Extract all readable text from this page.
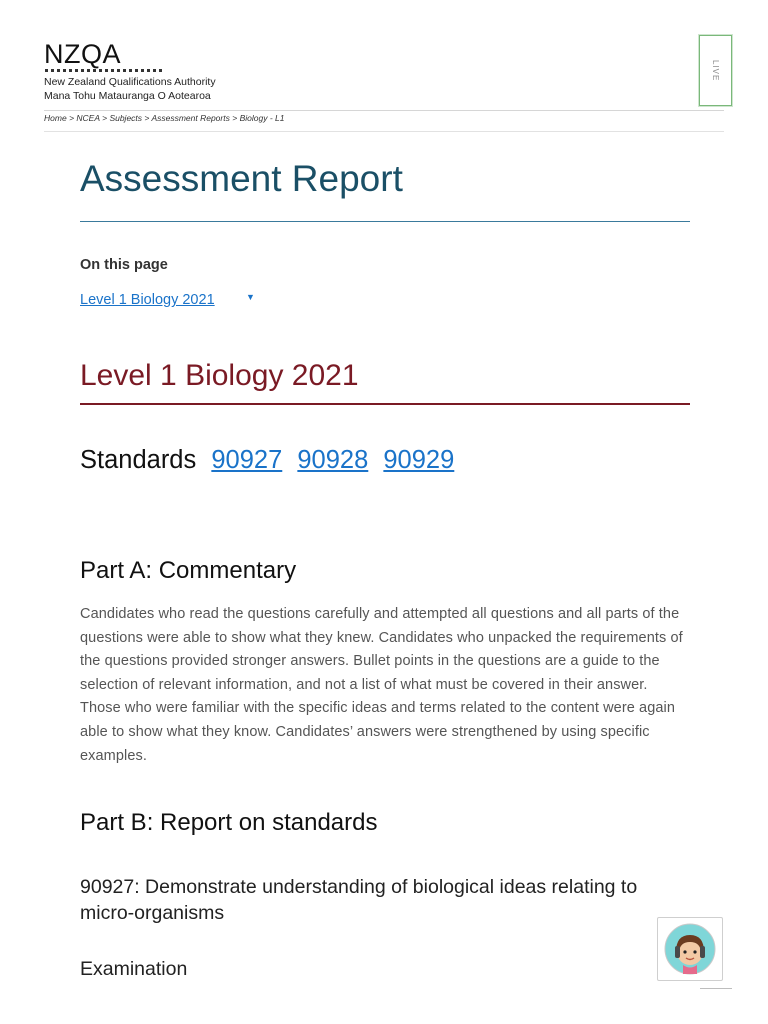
NZQA
New Zealand Qualifications Authority
Mana Tohu Matauranga O Aotearoa
LIVE
Home > NCEA > Subjects > Assessment Reports > Biology - L1
Assessment Report
On this page
Level 1 Biology 2021	▼
Level 1 Biology 2021
Standards 90927 90928 90929
Part A: Commentary

Candidates who read the questions carefully and attempted all questions and all parts of the questions were able to show what they knew. Candidates who unpacked the requirements of the questions provided stronger answers. Bullet points in the questions are a guide to the selection of relevant information, and not a list of what must be covered in their answer. Those who were familiar with the specific ideas and terms related to the content were again able to show what they know. Candidates’ answers were strengthened by using specific examples.

Part B: Report on standards
90927: Demonstrate understanding of biological ideas relating to micro-organisms
Examination
